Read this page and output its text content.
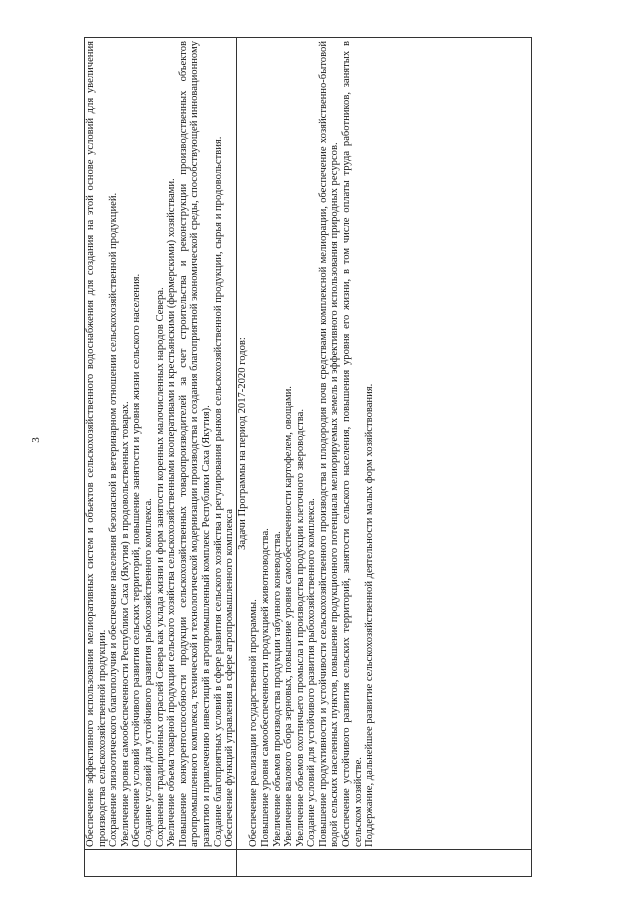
3	Обеспечение эффективного использования мелиоративных систем и объектов сельскохозяйственного водоснабжения для создания на этой основе условий для увеличения производства сельскохозяйственной продукции. Сохранение эпизоотического благополучия и обеспечение населения безопасной в ветеринарном отношении сельскохозяйственной продукцией. Увеличение уровня самообеспеченности Республики Саха (Якутия) в продовольственных товарах. Обеспечение условий устойчивого развития сельских территорий, повышение занятости и уровня жизни сельского населения. Создание условий для устойчивого развития рыбохозяйственного комплекса. Сохранение традиционных отраслей Севера как уклада жизни и форм занятости коренных малочисленных народов Севера. Увеличение объема товарной продукции сельского хозяйства сельскохозяйственными кооперативами и крестьянскими (фермерскими) хозяйствами. Повышение конкурентоспособности продукции сельскохозяйственных товаропроизводителей за счет строительства и реконструкции производственных объектов агропромышленного комплекса, технической и технологической модернизации производства и создания благоприятной экономической среды, способствующей инновационному развитию и привлечению инвестиций в агропромышленный комплекс Республики Саха (Якутия). Создание благоприятных условий в сфере развития сельского хозяйства и регулирования рынков сельскохозяйственной продукции, сырья и продовольствия. Обеспечение функций управления в сфере агропромышленного комплекса
Задачи Программы на период 2017-2020 годов:
Обеспечение реализации государственной программы. Повышение уровня самообеспеченности продукцией животноводства. Увеличение объемов производства продукции табунного коневодства. Увеличение валового сбора зерновых, повышение уровня самообеспеченности картофелем, овощами. Увеличение объемов охотничьего промысла и производства продукции клеточного звероводства. Создание условий для устойчивого развития рыбохозяйственного комплекса. Повышение продуктивности и устойчивости сельскохозяйственного производства и плодородия почв средствами комплексной мелиорации, обеспечение хозяйственно-бытовой водой сельских населенных пунктов, повышение продукционного потенциала мелиорируемых земель и эффективного использования природных ресурсов. Обеспечение устойчивого развития сельских территорий, занятости сельского населения, повышения уровня его жизни, в том числе оплаты труда работников, занятых в сельском хозяйстве. Поддержание, дальнейшее развитие сельскохозяйственной деятельности малых форм хозяйствования.
